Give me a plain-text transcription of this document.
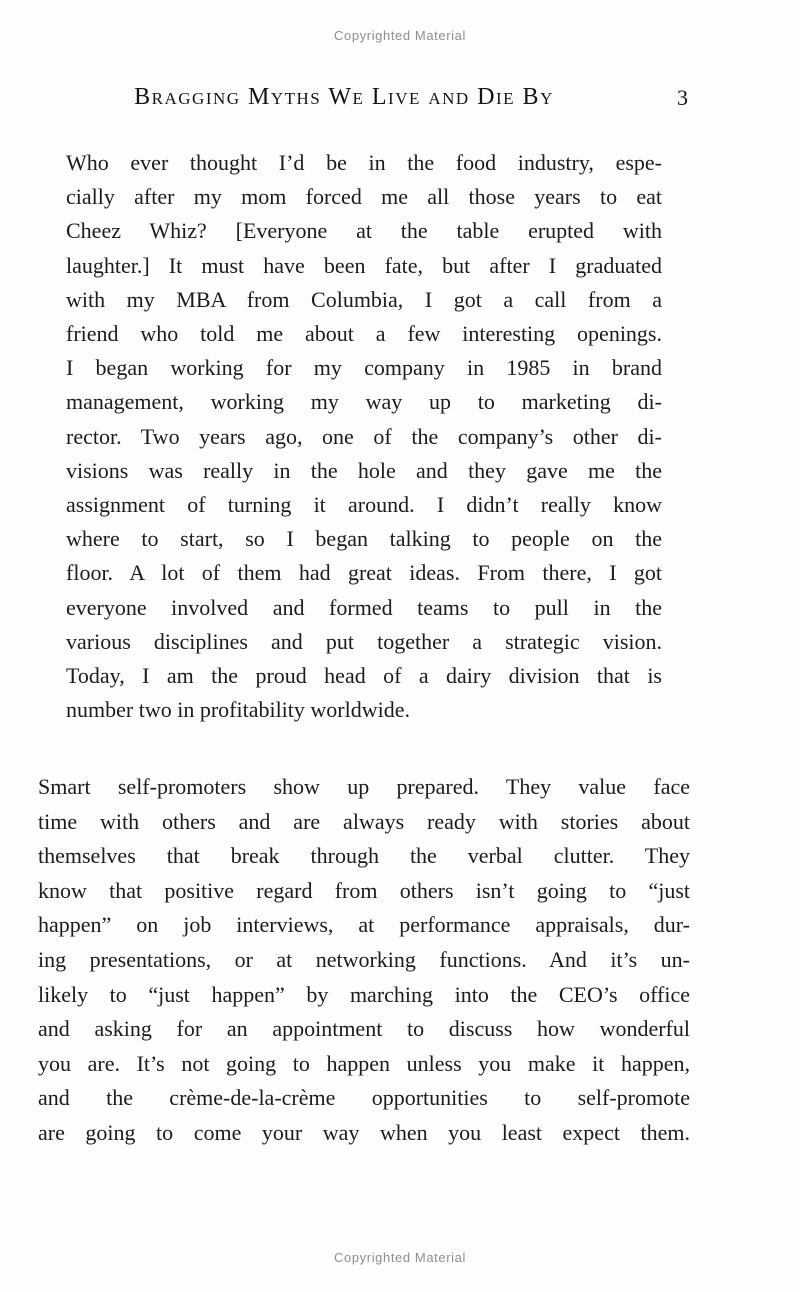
Copyrighted Material
Bragging Myths We Live and Die By	3
Who ever thought I’d be in the food industry, espe-
cially after my mom forced me all those years to eat
Cheez Whiz? [Everyone at the table erupted with
laughter.] It must have been fate, but after I graduated
with my MBA from Columbia, I got a call from a
friend who told me about a few interesting openings.
I began working for my company in 1985 in brand
management, working my way up to marketing di-
rector. Two years ago, one of the company’s other di-
visions was really in the hole and they gave me the
assignment of turning it around. I didn’t really know
where to start, so I began talking to people on the
floor. A lot of them had great ideas. From there, I got
everyone involved and formed teams to pull in the
various disciplines and put together a strategic vision.
Today, I am the proud head of a dairy division that is
number two in profitability worldwide.
Smart self-promoters show up prepared. They value face
time with others and are always ready with stories about
themselves that break through the verbal clutter. They
know that positive regard from others isn’t going to “just
happen” on job interviews, at performance appraisals, dur-
ing presentations, or at networking functions. And it’s un-
likely to “just happen” by marching into the CEO’s office
and asking for an appointment to discuss how wonderful
you are. It’s not going to happen unless you make it happen,
and the crème-de-la-crème opportunities to self-promote
are going to come your way when you least expect them.
Copyrighted Material
